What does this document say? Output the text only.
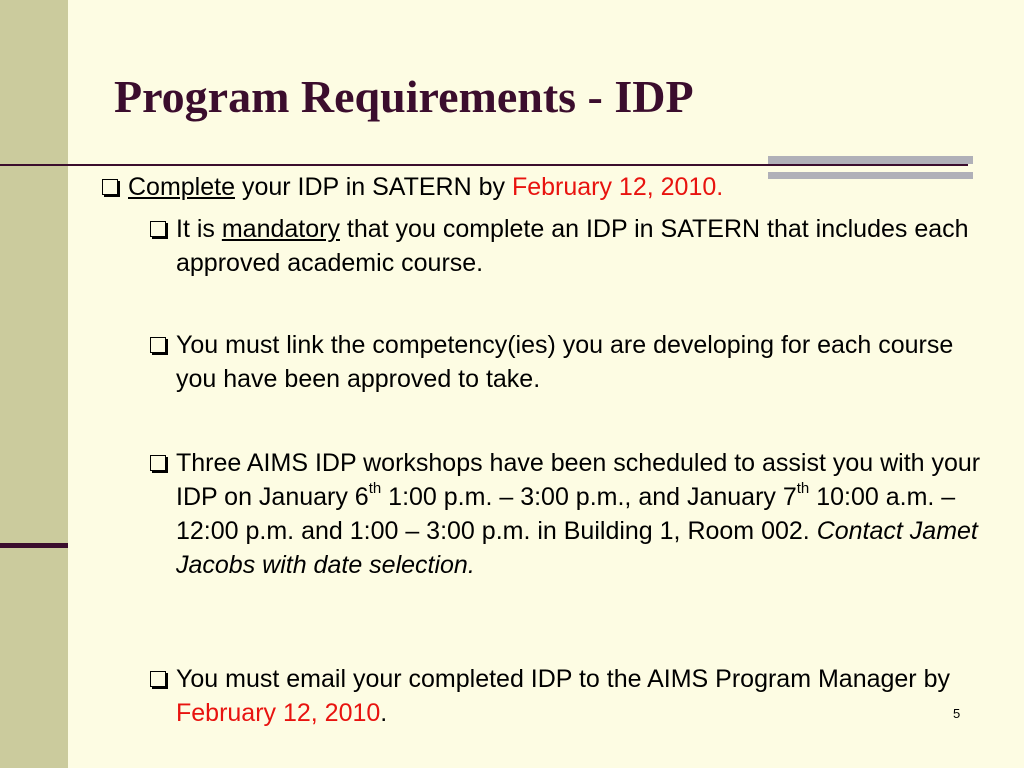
Program Requirements - IDP
Complete your IDP in SATERN by February 12, 2010.
It is mandatory that you complete an IDP in SATERN that includes each approved academic course.
You must link the competency(ies) you are developing for each course you have been approved to take.
Three AIMS IDP workshops have been scheduled to assist you with your IDP on January 6th 1:00 p.m. – 3:00 p.m., and January 7th 10:00 a.m. – 12:00 p.m. and 1:00 – 3:00 p.m. in Building 1, Room 002. Contact Jamet Jacobs with date selection.
You must email your completed IDP to the AIMS Program Manager by February 12, 2010.	5
